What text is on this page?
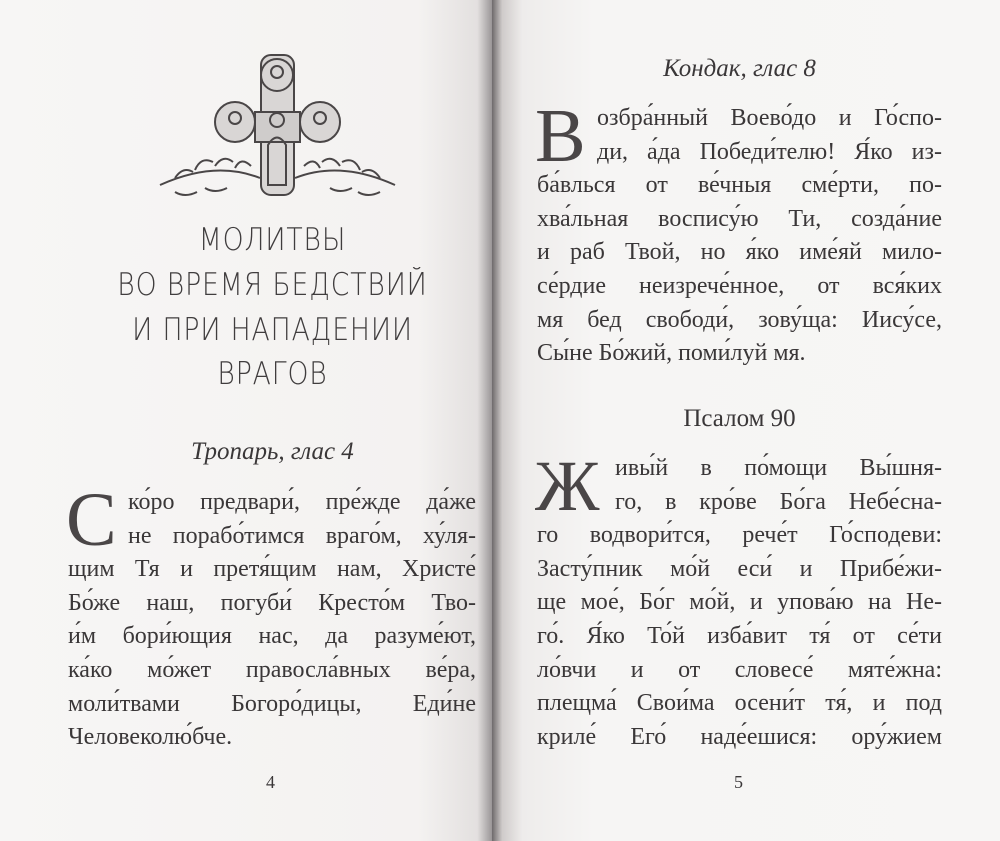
МОЛИТВЫ
ВО ВРЕМЯ БЕДСТВИЙ
И ПРИ НАПАДЕНИИ
ВРАГОВ
Тропарь, глас 4
С ко́ро предвари́, пре́жде да́же
не порабо́тимся враго́м, ху́ля-
щим Тя и претя́щим нам, Христе́
Бо́же наш, погуби́ Кресто́м Тво-
и́м бори́ющия нас, да разуме́ют,
ка́ко мо́жет правосла́вных ве́ра,
моли́твами Богоро́дицы, Еди́не
Человеколю́бче.
4
Кондак, глас 8
В озбра́нный Воево́до и Го́спо-
ди, а́да Победи́телю! Я́ко из-
ба́влься от ве́чныя сме́рти, по-
хва́льная воспису́ю Ти, созда́ние
и раб Твой, но я́ко име́яй мило-
се́рдие неизрече́нное, от вся́ких
мя бед свободи́, зову́ща: Иису́се,
Сы́не Бо́жий, поми́луй мя.
Псалом 90
Ж ивы́й в по́мощи Вы́шня-
го, в кро́ве Бо́га Небе́сна-
го водвори́тся, рече́т Го́сподеви:
Засту́пник мо́й еси́ и Прибе́жи-
ще мое́, Бо́г мо́й, и упова́ю на Не-
го́. Я́ко То́й изба́вит тя́ от се́ти
ло́вчи и от словесе́ мяте́жна:
плещма́ Свои́ма осени́т тя́, и под
криле́ Его́ наде́ешися: ору́жием
5
